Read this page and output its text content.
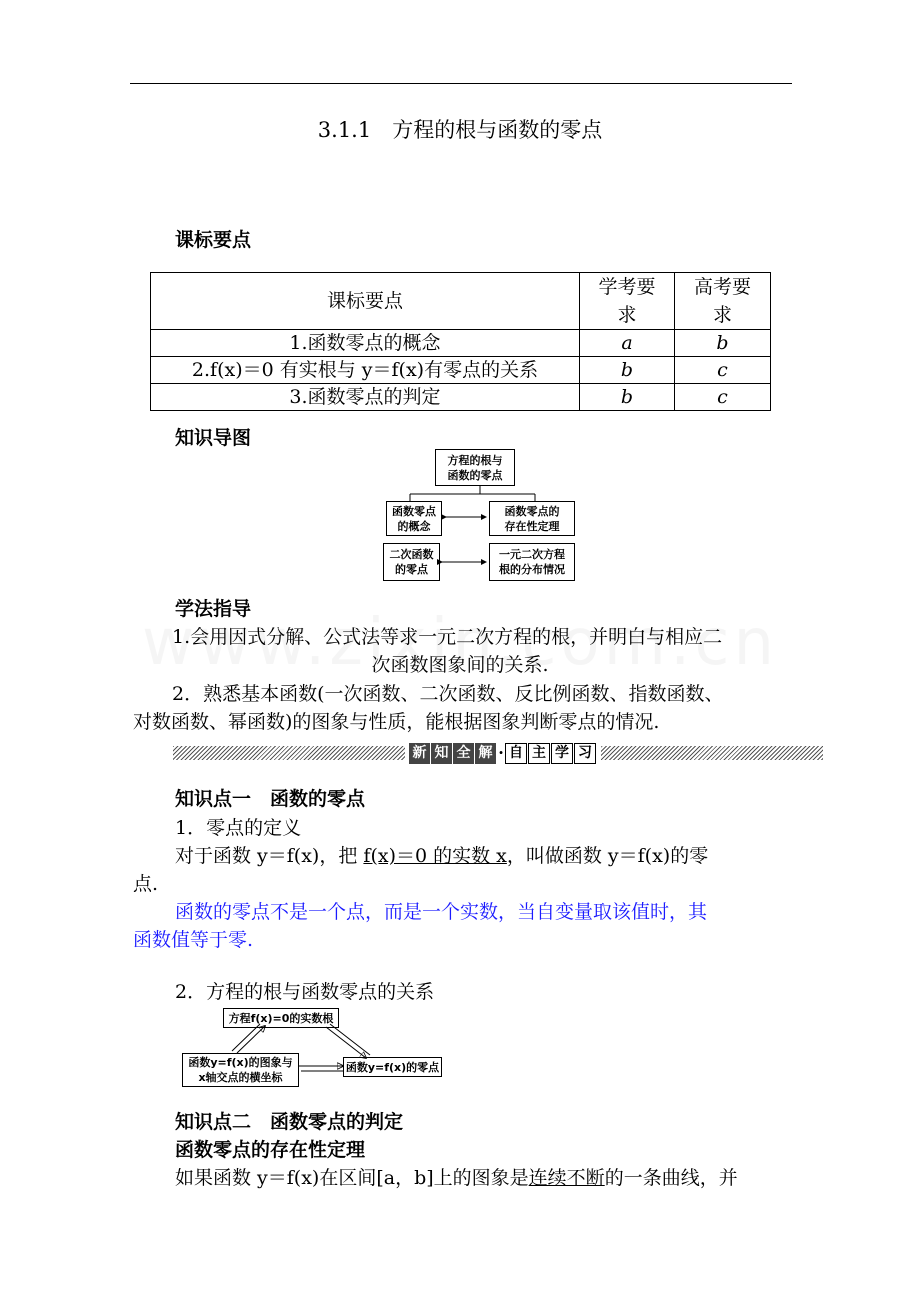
3.1.1　方程的根与函数的零点
课标要点
课标要点	学考要求	高考要求

1.函数零点的概念	a	b
2.f(x)＝0 有实根与 y＝f(x)有零点的关系	b	c
3.函数零点的判定	b	c
知识导图
方程的根与
函数的零点
函数零点
的概念
函数零点的
存在性定理
二次函数
的零点
一元二次方程
根的分布情况
学法指导
1.会用因式分解、公式法等求一元二次方程的根，并明白与相应二
次函数图象间的关系.
2．熟悉基本函数(一次函数、二次函数、反比例函数、指数函数、
对数函数、幂函数)的图象与性质，能根据图象判断零点的情况.
新 知 全 解 · 自 主 学 习
知识点一　函数的零点
1．零点的定义
对于函数 y＝f(x)，把 f(x)＝0 的实数 x，叫做函数 y＝f(x)的零
点.
函数的零点不是一个点，而是一个实数，当自变量取该值时，其
函数值等于零.
2．方程的根与函数零点的关系
方程f(x)=0的实数根
函数y=f(x)的图象与
x轴交点的横坐标
函数y=f(x)的零点
知识点二　函数零点的判定
函数零点的存在性定理
如果函数 y＝f(x)在区间[a，b]上的图象是连续不断的一条曲线，并
